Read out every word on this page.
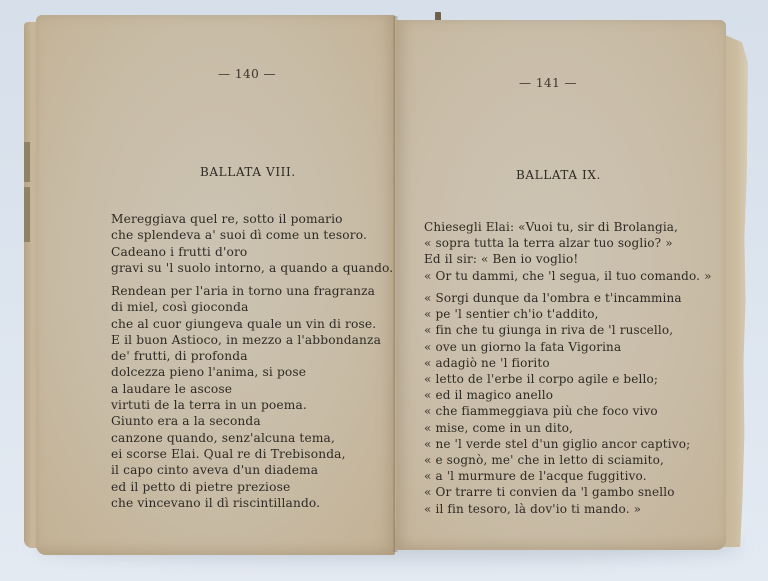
— 140 —
BALLATA VIII.
Mereggiava quel re, sotto il pomario
che splendeva a' suoi dì come un tesoro.
Cadeano i frutti d'oro
gravi su 'l suolo intorno, a quando a quando.
Rendean per l'aria in torno una fragranza
di miel, così gioconda
che al cuor giungeva quale un vin di rose.
E il buon Astioco, in mezzo a l'abbondanza
de' frutti, di profonda
dolcezza pieno l'anima, si pose
a laudare le ascose
virtuti de la terra in un poema.
Giunto era a la seconda
canzone quando, senz'alcuna tema,
ei scorse Elai. Qual re di Trebisonda,
il capo cinto aveva d'un diadema
ed il petto di pietre preziose
che vincevano il dì riscintillando.
— 141 —
BALLATA IX.
Chiesegli Elai: «Vuoi tu, sir di Brolangia,
« sopra tutta la terra alzar tuo soglio? »
Ed il sir: « Ben io voglio!
« Or tu dammi, che 'l segua, il tuo comando. »
« Sorgi dunque da l'ombra e t'incammina
« pe 'l sentier ch'io t'addito,
« fin che tu giunga in riva de 'l ruscello,
« ove un giorno la fata Vigorina
« adagiò ne 'l fiorito
« letto de l'erbe il corpo agile e bello;
« ed il magico anello
« che fiammeggiava più che foco vivo
« mise, come in un dito,
« ne 'l verde stel d'un giglio ancor captivo;
« e sognò, me' che in letto di sciamito,
« a 'l murmure de l'acque fuggitivo.
« Or trarre ti convien da 'l gambo snello
« il fin tesoro, là dov'io ti mando. »
